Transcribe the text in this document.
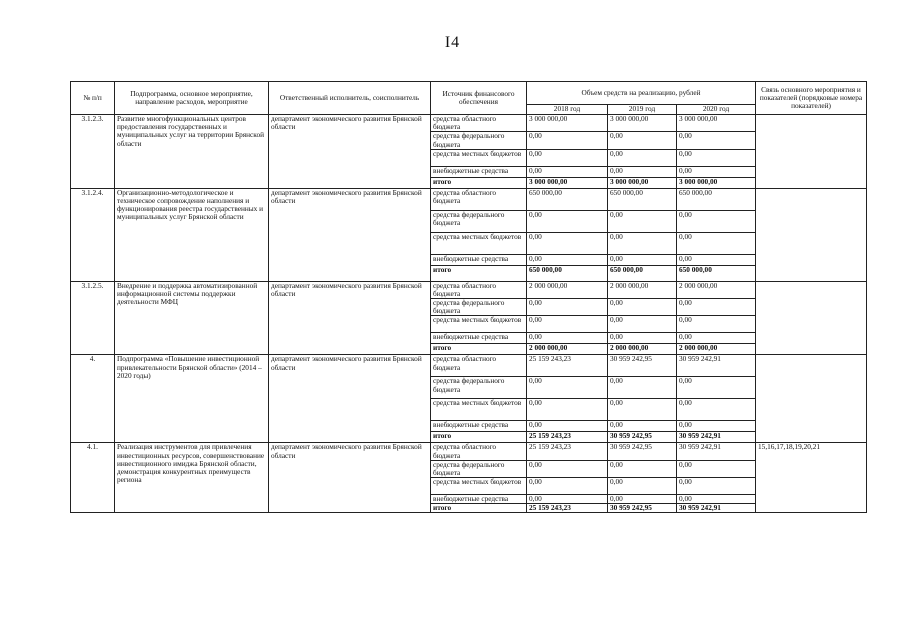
I4
№ п/п	Подпрограмма, основное мероприятие, направление расходов, мероприятие	Ответственный исполнитель, соисполнитель	Источник финансового обеспечения	Объем средств на реализацию, рублей			Связь основного мероприятия и показателей (порядковые номера показателей)
				2018 год	2019 год	2020 год	
3.1.2.3.	Развитие многофункциональных центров предоставления государственных и муниципальных услуг на территории Брянской области	департамент экономического развития Брянской области	средства областного бюджета	3 000 000,00	3 000 000,00	3 000 000,00	
			средства федерального бюджета	0,00	0,00	0,00	
			средства местных бюджетов	0,00	0,00	0,00	
			внебюджетные средства	0,00	0,00	0,00	
			итого	3 000 000,00	3 000 000,00	3 000 000,00	
3.1.2.4.	Организационно-методологическое и техническое сопровождение наполнения и функционирования реестра государственных и муниципальных услуг Брянской области	департамент экономического развития Брянской области	средства областного бюджета	650 000,00	650 000,00	650 000,00	
			средства федерального бюджета	0,00	0,00	0,00	
			средства местных бюджетов	0,00	0,00	0,00	
			внебюджетные средства	0,00	0,00	0,00	
			итого	650 000,00	650 000,00	650 000,00	
3.1.2.5.	Внедрение и поддержка автоматизированной информационной системы поддержки деятельности МФЦ	департамент экономического развития Брянской области	средства областного бюджета	2 000 000,00	2 000 000,00	2 000 000,00	
			средства федерального бюджета	0,00	0,00	0,00	
			средства местных бюджетов	0,00	0,00	0,00	
			внебюджетные средства	0,00	0,00	0,00	
			итого	2 000 000,00	2 000 000,00	2 000 000,00	
4.	Подпрограмма «Повышение инвестиционной привлекательности Брянской области» (2014 – 2020 годы)	департамент экономического развития Брянской области	средства областного бюджета	25 159 243,23	30 959 242,95	30 959 242,91	
			средства федерального бюджета	0,00	0,00	0,00	
			средства местных бюджетов	0,00	0,00	0,00	
			внебюджетные средства	0,00	0,00	0,00	
			итого	25 159 243,23	30 959 242,95	30 959 242,91	
4.1.	Реализация инструментов для привлечения инвестиционных ресурсов, совершенствование инвестиционного имиджа Брянской области, демонстрация конкурентных преимуществ региона	департамент экономического развития Брянской области	средства областного бюджета	25 159 243,23	30 959 242,95	30 959 242,91	15,16,17,18,19,20,21
			средства федерального бюджета	0,00	0,00	0,00	
			средства местных бюджетов	0,00	0,00	0,00	
			внебюджетные средства	0,00	0,00	0,00	
			итого	25 159 243,23	30 959 242,95	30 959 242,91	
